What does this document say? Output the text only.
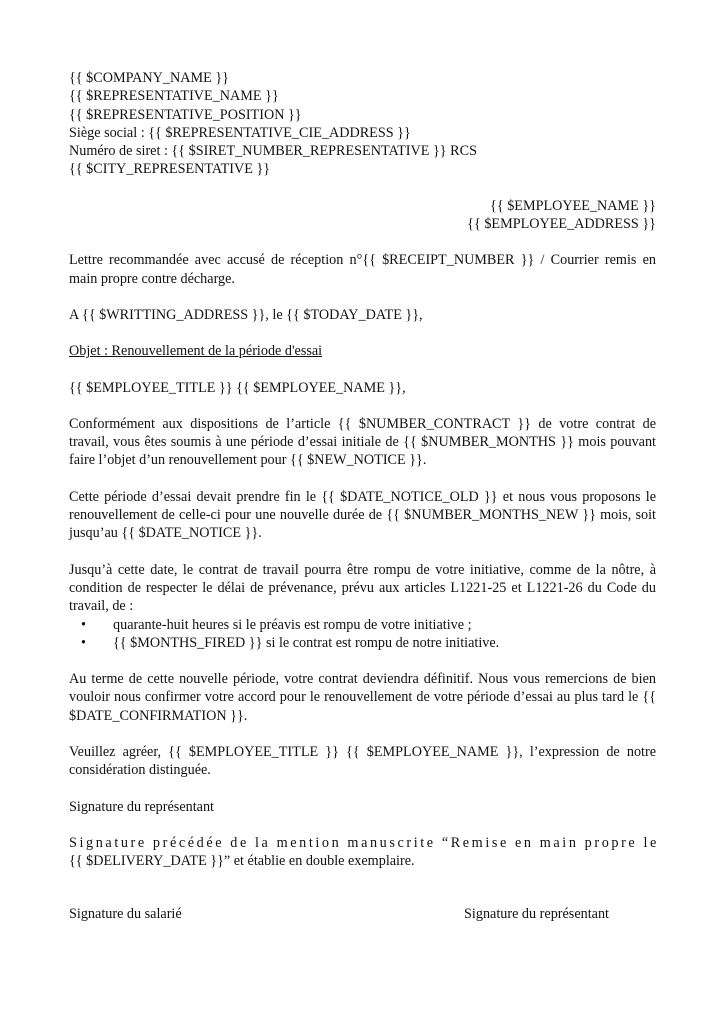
{{ $COMPANY_NAME }}
{{ $REPRESENTATIVE_NAME }}
{{ $REPRESENTATIVE_POSITION }}
Siège social : {{ $REPRESENTATIVE_CIE_ADDRESS }}
Numéro de siret : {{ $SIRET_NUMBER_REPRESENTATIVE }} RCS
{{ $CITY_REPRESENTATIVE }}
{{ $EMPLOYEE_NAME }}
{{ $EMPLOYEE_ADDRESS }}
Lettre recommandée avec accusé de réception n°{{ $RECEIPT_NUMBER }} / Courrier remis en
main propre contre décharge.
A {{ $WRITTING_ADDRESS }}, le {{ $TODAY_DATE }},
Objet : Renouvellement de la période d'essai
{{ $EMPLOYEE_TITLE }} {{ $EMPLOYEE_NAME }},

Conformément aux dispositions de l’article {{ $NUMBER_CONTRACT }} de votre contrat de travail, vous êtes soumis à une période d’essai initiale de {{ $NUMBER_MONTHS }} mois pouvant faire l’objet d’un renouvellement pour {{ $NEW_NOTICE }}.

Cette période d’essai devait prendre fin le {{ $DATE_NOTICE_OLD }} et nous vous proposons le renouvellement de celle-ci pour une nouvelle durée de {{ $NUMBER_MONTHS_NEW }} mois, soit jusqu’au {{ $DATE_NOTICE }}.

Jusqu’à cette date, le contrat de travail pourra être rompu de votre initiative, comme de la nôtre, à condition de respecter le délai de prévenance, prévu aux articles L1221-25 et L1221-26 du Code du travail, de :

•	quarante-huit heures si le préavis est rompu de votre initiative ;
•	{{ $MONTHS_FIRED }} si le contrat est rompu de notre initiative.

Au terme de cette nouvelle période, votre contrat deviendra définitif. Nous vous remercions de bien vouloir nous confirmer votre accord pour le renouvellement de votre période d’essai au plus tard le {{ $DATE_CONFIRMATION }}.

Veuillez agréer, {{ $EMPLOYEE_TITLE }} {{ $EMPLOYEE_NAME }}, l’expression de notre considération distinguée.

Signature du représentant
Signature précédée de la mention manuscrite “Remise en main propre le
{{ $DELIVERY_DATE }}” et établie en double exemplaire.
Signature du salarié	Signature du représentant
